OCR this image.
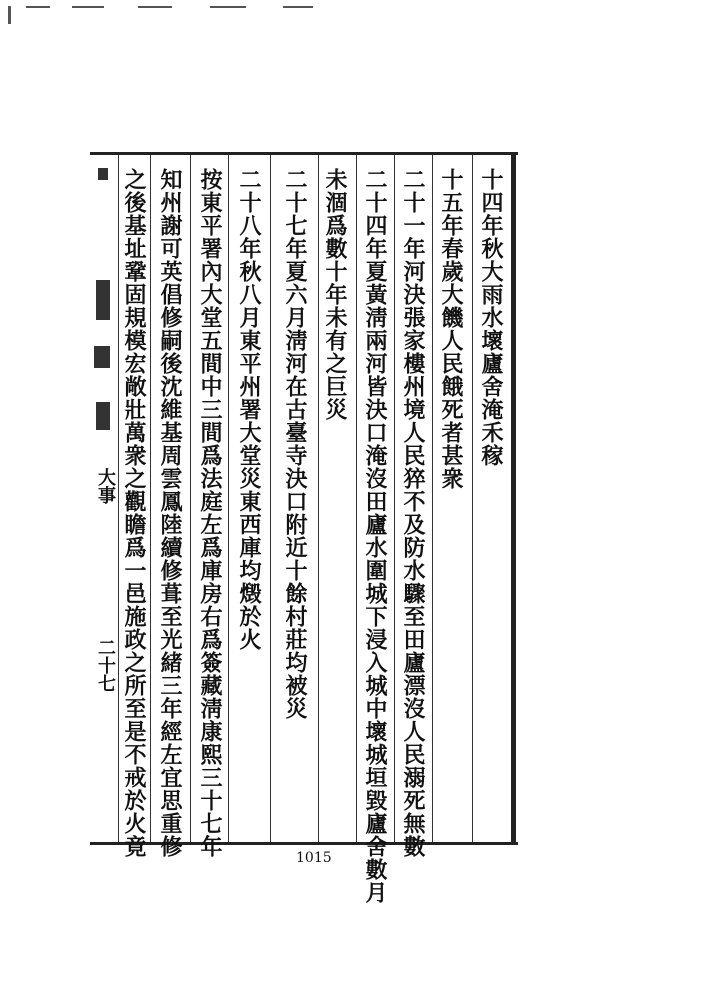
十四年秋大雨水壞廬舍淹禾稼
十五年春歲大饑人民餓死者甚衆
二十一年河決張家樓州境人民猝不及防水驟至田廬漂沒人民溺死無數
二十四年夏黃淸兩河皆決口淹沒田廬水圍城下浸入城中壞城垣毀廬舍數月
未涸爲數十年未有之巨災
二十七年夏六月淸河在古臺寺決口附近十餘村莊均被災
二十八年秋八月東平州署大堂災東西庫均燬於火
按東平署內大堂五間中三間爲法庭左爲庫房右爲簽藏淸康熙三十七年
知州謝可英倡修嗣後沈維基周雲鳳陸續修葺至光緒三年經左宜思重修
之後基址鞏固規模宏敞壯萬衆之觀瞻爲一邑施政之所至是不戒於火竟
大事
二十七
1015
